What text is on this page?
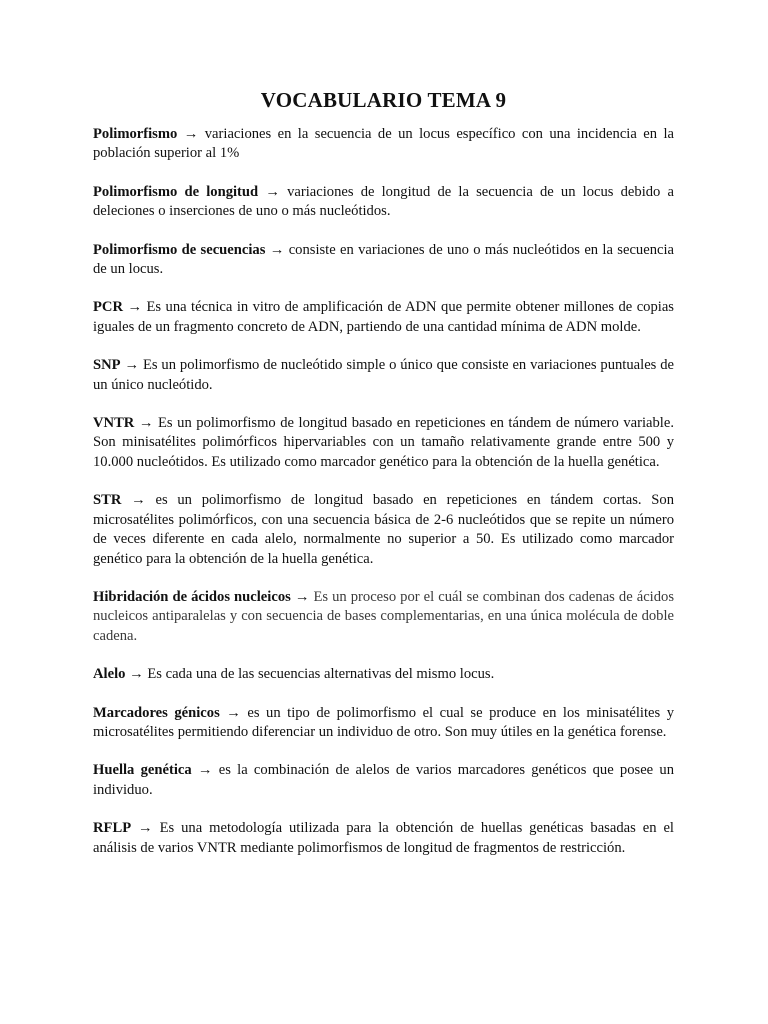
VOCABULARIO TEMA 9

Polimorfismo → variaciones en la secuencia de un locus específico con una incidencia en la población superior al 1%

Polimorfismo de longitud → variaciones de longitud de la secuencia de un locus debido a deleciones o inserciones de uno o más nucleótidos.

Polimorfismo de secuencias → consiste en variaciones de uno o más nucleótidos en la secuencia de un locus.

PCR → Es una técnica in vitro de amplificación de ADN que permite obtener millones de copias iguales de un fragmento concreto de ADN, partiendo de una cantidad mínima de ADN molde.

SNP → Es un polimorfismo de nucleótido simple o único que consiste en variaciones puntuales de un único nucleótido.

VNTR → Es un polimorfismo de longitud basado en repeticiones en tándem de número variable. Son minisatélites polimórficos hipervariables con un tamaño relativamente grande entre 500 y 10.000 nucleótidos. Es utilizado como marcador genético para la obtención de la huella genética.

STR → es un polimorfismo de longitud basado en repeticiones en tándem cortas. Son microsatélites polimórficos, con una secuencia básica de 2-6 nucleótidos que se repite un número de veces diferente en cada alelo, normalmente no superior a 50. Es utilizado como marcador genético para la obtención de la huella genética.

Hibridación de ácidos nucleicos → Es un proceso por el cuál se combinan dos cadenas de ácidos nucleicos antiparalelas y con secuencia de bases complementarias, en una única molécula de doble cadena.

Alelo → Es cada una de las secuencias alternativas del mismo locus.

Marcadores génicos → es un tipo de polimorfismo el cual se produce en los minisatélites y microsatélites permitiendo diferenciar un individuo de otro. Son muy útiles en la genética forense.

Huella genética → es la combinación de alelos de varios marcadores genéticos que posee un individuo.

RFLP → Es una metodología utilizada para la obtención de huellas genéticas basadas en el análisis de varios VNTR mediante polimorfismos de longitud de fragmentos de restricción.
